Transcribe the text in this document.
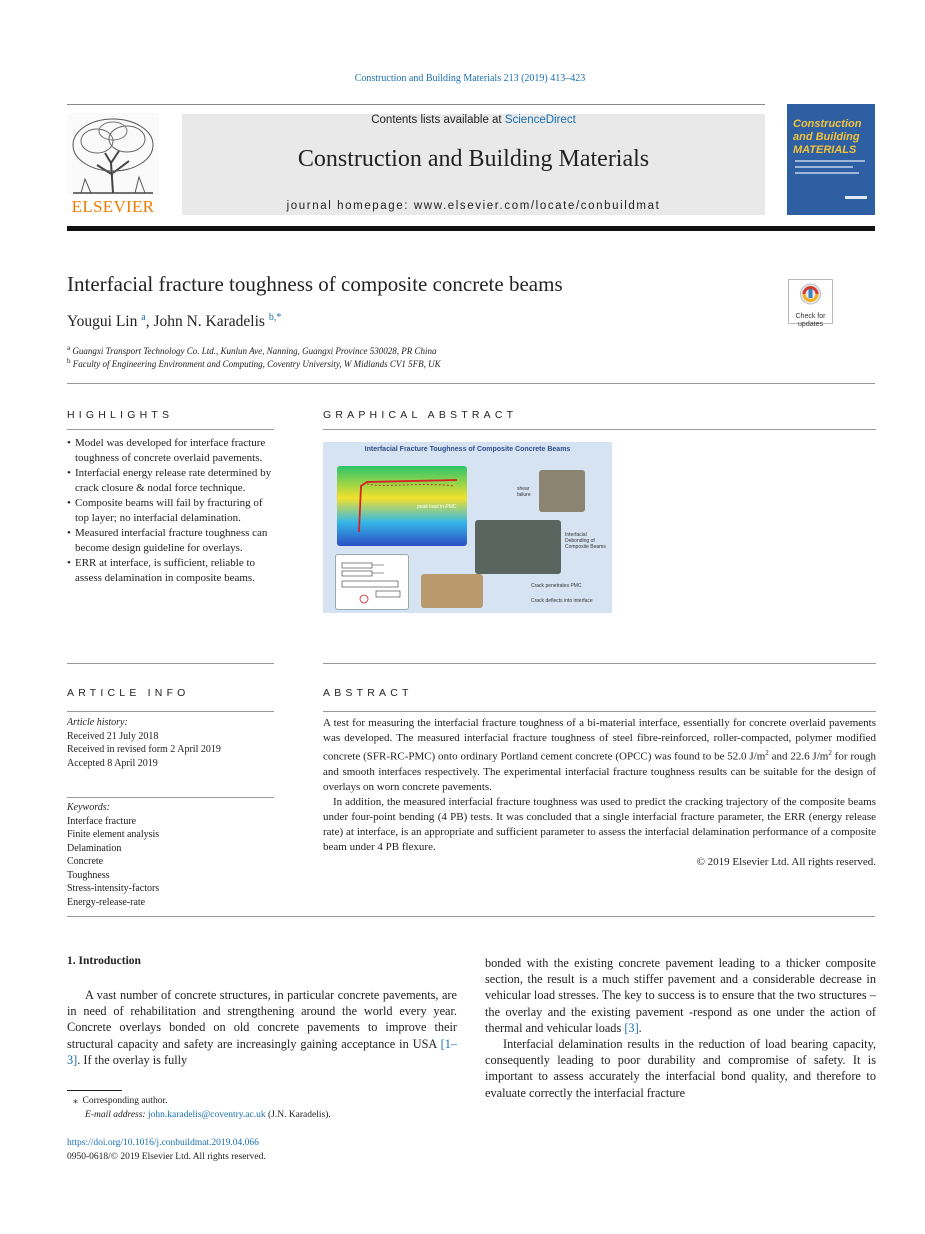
Construction and Building Materials 213 (2019) 413–423
ELSEVIER
Contents lists available at ScienceDirect
Construction and Building Materials
journal homepage: www.elsevier.com/locate/conbuildmat
Construction and Building MATERIALS
Interfacial fracture toughness of composite concrete beams
Check for updates
Yougui Lin $^a$, John N. Karadelis $^{b,*}$
$^a$ Guangxi Transport Technology Co. Ltd., Kunlun Ave, Nanning, Guangxi Province 530028, PR China
$^b$ Faculty of Engineering Environment and Computing, Coventry University, W Midlands CV1 5FB, UK
HIGHLIGHTS
• Model was developed for interface fracture toughness of concrete overlaid pavements.
• Interfacial energy release rate determined by crack closure & nodal force technique.
• Composite beams will fail by fracturing of top layer; no interfacial delamination.
• Measured interfacial fracture toughness can become design guideline for overlays.
• ERR at interface, is sufficient, reliable to assess delamination in composite beams.
GRAPHICAL ABSTRACT
Interfacial Fracture Toughness of Composite Concrete Beams
peak load in PMC
shear failure
Interfacial Debonding of Composite Beams
Crack penetrates PMC
Crack deflects into interface
ARTICLE INFO
Article history:
Received 21 July 2018
Received in revised form 2 April 2019
Accepted 8 April 2019
Keywords:
Interface fracture
Finite element analysis
Delamination
Concrete
Toughness
Stress-intensity-factors
Energy-release-rate
ABSTRACT

A test for measuring the interfacial fracture toughness of a bi-material interface, essentially for concrete overlaid pavements was developed. The measured interfacial fracture toughness of steel fibre-reinforced, roller-compacted, polymer modified concrete (SFR-RC-PMC) onto ordinary Portland cement concrete (OPCC) was found to be 52.0 $J/m^2$ and 22.6 $J/m^2$ for rough and smooth interfaces respectively. The experimental interfacial fracture toughness results can be suitable for the design of overlays on worn concrete pavements.

In addition, the measured interfacial fracture toughness was used to predict the cracking trajectory of the composite beams under four-point bending (4 PB) tests. It was concluded that a single interfacial fracture parameter, the ERR (energy release rate) at interface, is an appropriate and sufficient parameter to assess the interfacial delamination performance of a composite beam under 4 PB flexure.

© 2019 Elsevier Ltd. All rights reserved.

1. Introduction

A vast number of concrete structures, in particular concrete pavements, are in need of rehabilitation and strengthening around the world every year. Concrete overlays bonded on old concrete pavements to improve their structural capacity and safety are increasingly gaining acceptance in USA [1–3]. If the overlay is fully

bonded with the existing concrete pavement leading to a thicker composite section, the result is a much stiffer pavement and a considerable decrease in vehicular load stresses. The key to success is to ensure that the two structures – the overlay and the existing pavement -respond as one under the action of thermal and vehicular loads [3].

Interfacial delamination results in the reduction of load bearing capacity, consequently leading to poor durability and compromise of safety. It is important to assess accurately the interfacial bond quality, and therefore to evaluate correctly the interfacial fracture

⁎ Corresponding author.
E-mail address: john.karadelis@coventry.ac.uk (J.N. Karadelis).
https://doi.org/10.1016/j.conbuildmat.2019.04.066
0950-0618/© 2019 Elsevier Ltd. All rights reserved.
